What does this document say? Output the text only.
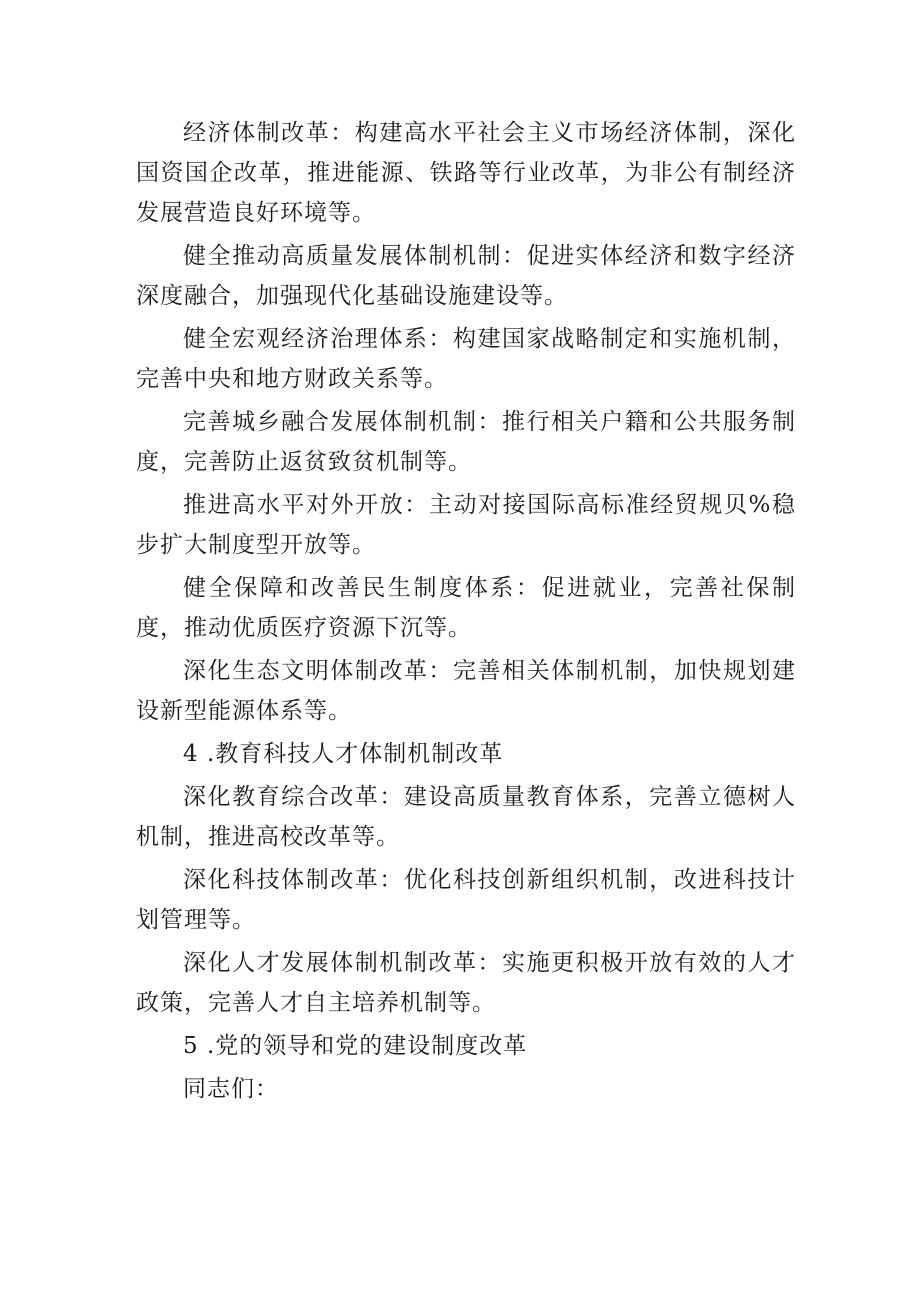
经济体制改革：构建高水平社会主义市场经济体制，深化国资国企改革，推进能源、铁路等行业改革，为非公有制经济发展营造良好环境等。

健全推动高质量发展体制机制：促进实体经济和数字经济深度融合，加强现代化基础设施建设等。

健全宏观经济治理体系：构建国家战略制定和实施机制，完善中央和地方财政关系等。

完善城乡融合发展体制机制：推行相关户籍和公共服务制度，完善防止返贫致贫机制等。

推进高水平对外开放：主动对接国际高标准经贸规贝%稳步扩大制度型开放等。

健全保障和改善民生制度体系：促进就业，完善社保制度，推动优质医疗资源下沉等。

深化生态文明体制改革：完善相关体制机制，加快规划建设新型能源体系等。

4 .教育科技人才体制机制改革

深化教育综合改革：建设高质量教育体系，完善立德树人机制，推进高校改革等。

深化科技体制改革：优化科技创新组织机制，改进科技计划管理等。

深化人才发展体制机制改革：实施更积极开放有效的人才政策，完善人才自主培养机制等。

5 .党的领导和党的建设制度改革

同志们：
